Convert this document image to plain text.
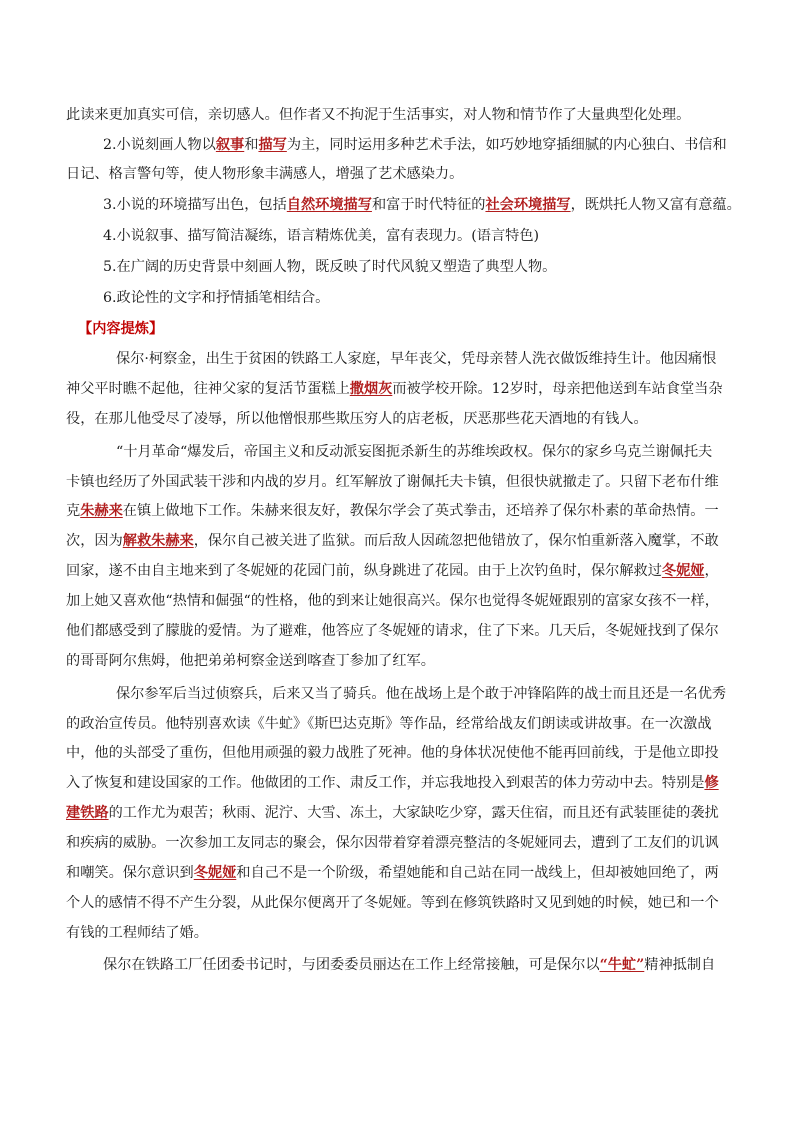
此读来更加真实可信，亲切感人。但作者又不拘泥于生活事实，对人物和情节作了大量典型化处理。
2.小说刻画人物以叙事和描写为主，同时运用多种艺术手法，如巧妙地穿插细腻的内心独白、书信和
日记、格言警句等，使人物形象丰满感人，增强了艺术感染力。
3.小说的环境描写出色，包括自然环境描写和富于时代特征的社会环境描写，既烘托人物又富有意蕴。
4.小说叙事、描写简洁凝练，语言精炼优美，富有表现力。(语言特色)
5.在广阔的历史背景中刻画人物，既反映了时代风貌又塑造了典型人物。
6.政论性的文字和抒情插笔相结合。
【内容提炼】
保尔·柯察金，出生于贫困的铁路工人家庭，早年丧父，凭母亲替人洗衣做饭维持生计。他因痛恨
神父平时瞧不起他，往神父家的复活节蛋糕上撒烟灰而被学校开除。12岁时，母亲把他送到车站食堂当杂
役，在那儿他受尽了凌辱，所以他憎恨那些欺压穷人的店老板，厌恶那些花天酒地的有钱人。
“十月革命“爆发后，帝国主义和反动派妄图扼杀新生的苏维埃政权。保尔的家乡乌克兰谢佩托夫
卡镇也经历了外国武装干涉和内战的岁月。红军解放了谢佩托夫卡镇，但很快就撤走了。只留下老布什维
克朱赫来在镇上做地下工作。朱赫来很友好，教保尔学会了英式拳击，还培养了保尔朴素的革命热情。一
次，因为解救朱赫来，保尔自己被关进了监狱。而后敌人因疏忽把他错放了，保尔怕重新落入魔掌，不敢
回家，遂不由自主地来到了冬妮娅的花园门前，纵身跳进了花园。由于上次钓鱼时，保尔解救过冬妮娅，
加上她又喜欢他“热情和倔强“的性格，他的到来让她很高兴。保尔也觉得冬妮娅跟别的富家女孩不一样，
他们都感受到了朦胧的爱情。为了避难，他答应了冬妮娅的请求，住了下来。几天后，冬妮娅找到了保尔
的哥哥阿尔焦姆，他把弟弟柯察金送到喀查丁参加了红军。
保尔参军后当过侦察兵，后来又当了骑兵。他在战场上是个敢于冲锋陷阵的战士而且还是一名优秀
的政治宣传员。他特别喜欢读《牛虻》《斯巴达克斯》等作品，经常给战友们朗读或讲故事。在一次激战
中，他的头部受了重伤，但他用顽强的毅力战胜了死神。他的身体状况使他不能再回前线，于是他立即投
入了恢复和建设国家的工作。他做团的工作、肃反工作，并忘我地投入到艰苦的体力劳动中去。特别是修
建铁路的工作尤为艰苦；秋雨、泥泞、大雪、冻土，大家缺吃少穿，露天住宿，而且还有武装匪徒的袭扰
和疾病的威胁。一次参加工友同志的聚会，保尔因带着穿着漂亮整洁的冬妮娅同去，遭到了工友们的讥讽
和嘲笑。保尔意识到冬妮娅和自己不是一个阶级，希望她能和自己站在同一战线上，但却被她回绝了，两
个人的感情不得不产生分裂，从此保尔便离开了冬妮娅。等到在修筑铁路时又见到她的时候，她已和一个
有钱的工程师结了婚。
保尔在铁路工厂任团委书记时，与团委委员丽达在工作上经常接触，可是保尔以“牛虻”精神抵制自
